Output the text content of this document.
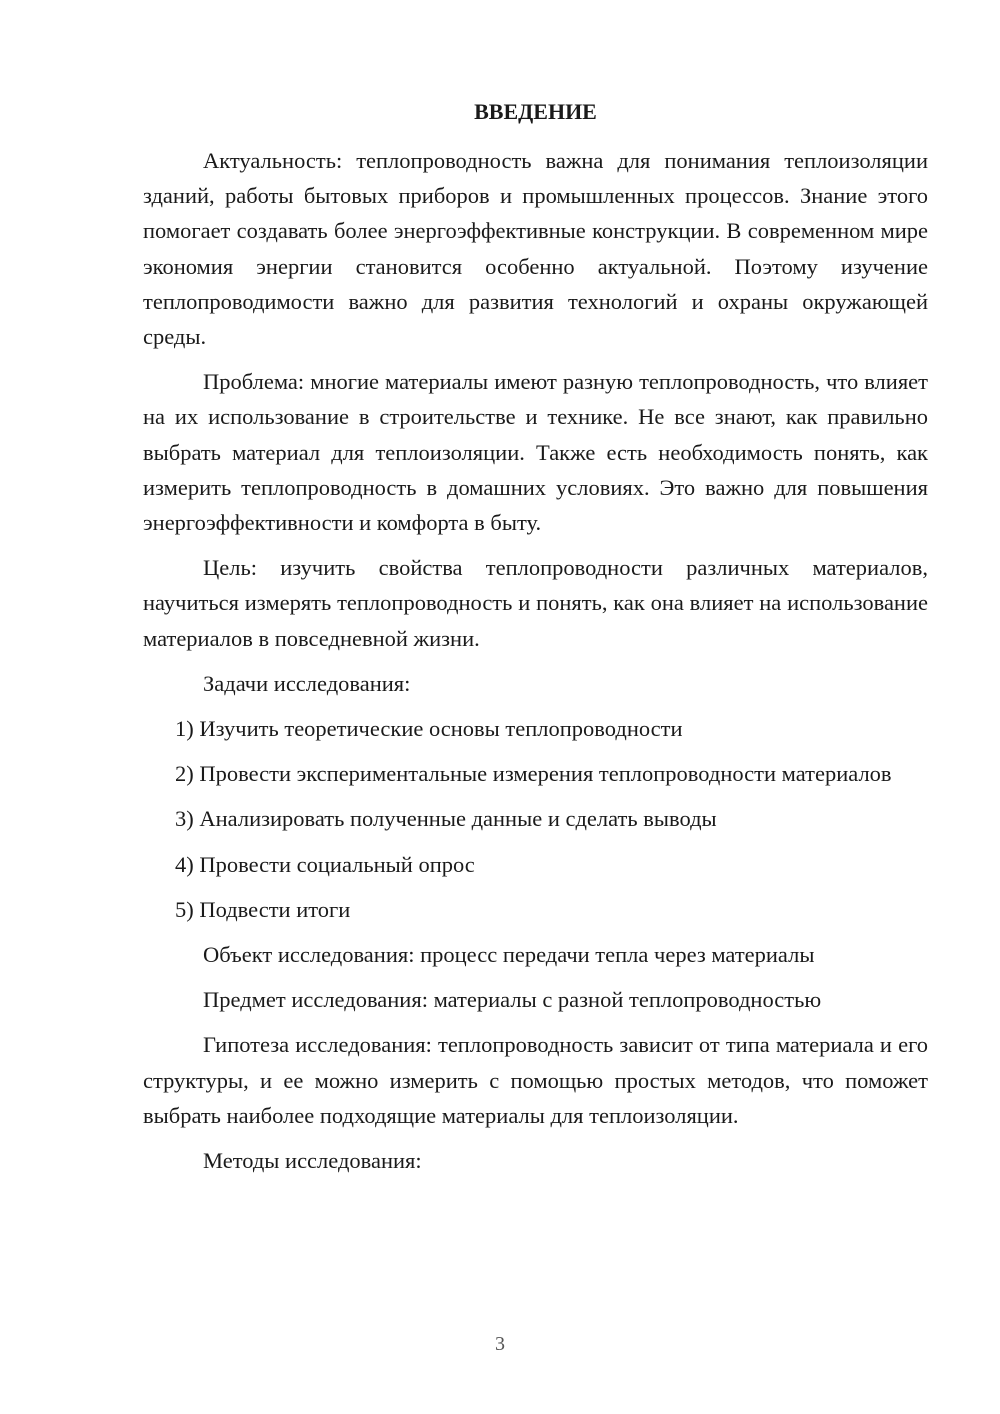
ВВЕДЕНИЕ

Актуальность: теплопроводность важна для понимания теплоизоляции зданий, работы бытовых приборов и промышленных процессов. Знание этого помогает создавать более энергоэффективные конструкции. В современном мире экономия энергии становится особенно актуальной. Поэтому изучение теплопроводимости важно для развития технологий и охраны окружающей среды.

Проблема: многие материалы имеют разную теплопроводность, что влияет на их использование в строительстве и технике. Не все знают, как правильно выбрать материал для теплоизоляции. Также есть необходимость понять, как измерить теплопроводность в домашних условиях. Это важно для повышения энергоэффективности и комфорта в быту.

Цель: изучить свойства теплопроводности различных материалов, научиться измерять теплопроводность и понять, как она влияет на использование материалов в повседневной жизни.

Задачи исследования:

1) Изучить теоретические основы теплопроводности

2) Провести экспериментальные измерения теплопроводности материалов

3) Анализировать полученные данные и сделать выводы

4) Провести социальный опрос

5) Подвести итоги

Объект исследования: процесс передачи тепла через материалы

Предмет исследования: материалы с разной теплопроводностью

Гипотеза исследования: теплопроводность зависит от типа материала и его структуры, и ее можно измерить с помощью простых методов, что поможет выбрать наиболее подходящие материалы для теплоизоляции.

Методы исследования:

3
